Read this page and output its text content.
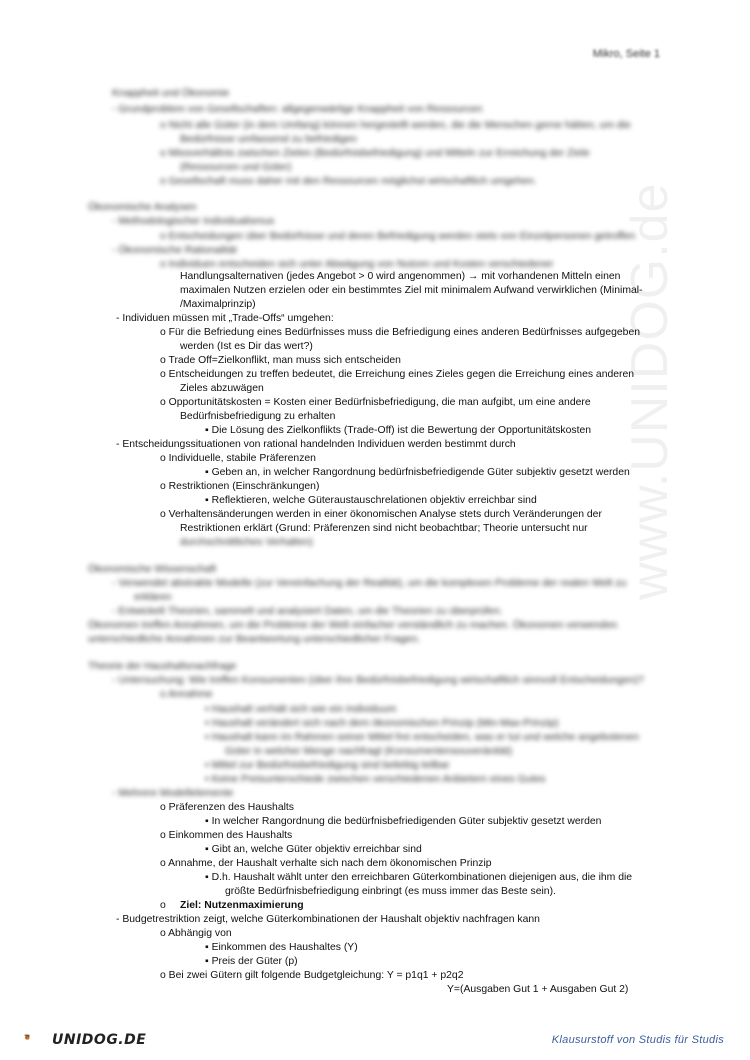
Mikro, Seite 1
www.UNIDOG.de
Knappheit und Ökonomie
- Grundproblem von Gesellschaften: allgegenwärtige Knappheit von Ressourcen
o Nicht alle Güter (in dem Umfang) können hergestellt werden, die die Menschen gerne hätten, um die
Bedürfnisse umfassend zu befriedigen
o Missverhältnis zwischen Zielen (Bedürfnisbefriedigung) und Mitteln zur Erreichung der Ziele
(Ressourcen und Güter)
o Gesellschaft muss daher mit den Ressourcen möglichst wirtschaftlich umgehen.
Ökonomische Analysen
- Methodologischer Individualismus
o Entscheidungen über Bedürfnisse und deren Befriedigung werden stets von Einzelpersonen getroffen
- Ökonomische Rationalität
o Individuen entscheiden sich unter Abwägung von Nutzen und Kosten verschiedener
Handlungsalternativen (jedes Angebot > 0 wird angenommen) → mit vorhandenen Mitteln einen
maximalen Nutzen erzielen oder ein bestimmtes Ziel mit minimalem Aufwand verwirklichen (Minimal-
/Maximalprinzip)
- Individuen müssen mit „Trade-Offs“ umgehen:
o Für die Befriedung eines Bedürfnisses muss die Befriedigung eines anderen Bedürfnisses aufgegeben
werden (Ist es Dir das wert?)
o Trade Off=Zielkonflikt, man muss sich entscheiden
o Entscheidungen zu treffen bedeutet, die Erreichung eines Zieles gegen die Erreichung eines anderen
Zieles abzuwägen
o Opportunitätskosten = Kosten einer Bedürfnisbefriedigung, die man aufgibt, um eine andere
Bedürfnisbefriedigung zu erhalten
▪ Die Lösung des Zielkonflikts (Trade-Off) ist die Bewertung der Opportunitätskosten
- Entscheidungssituationen von rational handelnden Individuen werden bestimmt durch
o Individuelle, stabile Präferenzen
▪ Geben an, in welcher Rangordnung bedürfnisbefriedigende Güter subjektiv gesetzt werden
o Restriktionen (Einschränkungen)
▪ Reflektieren, welche Güteraustauschrelationen objektiv erreichbar sind
o Verhaltensänderungen werden in einer ökonomischen Analyse stets durch Veränderungen der
Restriktionen erklärt (Grund: Präferenzen sind nicht beobachtbar; Theorie untersucht nur
durchschnittliches Verhalten)
Ökonomische Wissenschaft
- Verwendet abstrakte Modelle (zur Vereinfachung der Realität), um die komplexen Probleme der realen Welt zu
erklären
- Entwickelt Theorien, sammelt und analysiert Daten, um die Theorien zu überprüfen.
Ökonomen treffen Annahmen, um die Probleme der Welt einfacher verständlich zu machen. Ökonomen verwenden
unterschiedliche Annahmen zur Beantwortung unterschiedlicher Fragen.
Theorie der Haushaltsnachfrage
- Untersuchung: Wie treffen Konsumenten (über ihre Bedürfnisbefriedigung wirtschaftlich sinnvoll Entscheidungen)?
o Annahme
▪ Haushalt verhält sich wie ein Individuum
▪ Haushalt verändert sich nach dem ökonomischen Prinzip (Min-Max-Prinzip)
▪ Haushalt kann im Rahmen seiner Mittel frei entscheiden, was er tut und welche angebotenen
Güter in welcher Menge nachfragt (Konsumentensouveränität)
▪ Mittel zur Bedürfnisbefriedigung sind beliebig teilbar
▪ Keine Preisunterschiede zwischen verschiedenen Anbietern eines Gutes
- Mehrere Modellelemente
o Präferenzen des Haushalts
▪ In welcher Rangordnung die bedürfnisbefriedigenden Güter subjektiv gesetzt werden
o Einkommen des Haushalts
▪ Gibt an, welche Güter objektiv erreichbar sind
o Annahme, der Haushalt verhalte sich nach dem ökonomischen Prinzip
▪ D.h. Haushalt wählt unter den erreichbaren Güterkombinationen diejenigen aus, die ihm die
größte Bedürfnisbefriedigung einbringt (es muss immer das Beste sein).
o Ziel: Nutzenmaximierung
- Budgetrestriktion zeigt, welche Güterkombinationen der Haushalt objektiv nachfragen kann
o Abhängig von
▪ Einkommen des Haushaltes (Y)
▪ Preis der Güter (p)
o Bei zwei Gütern gilt folgende Budgetgleichung: Y = p1q1 + p2q2
Y=(Ausgaben Gut 1 + Ausgaben Gut 2)
UNIDOG.DE	Klausurstoff von Studis für Studis
